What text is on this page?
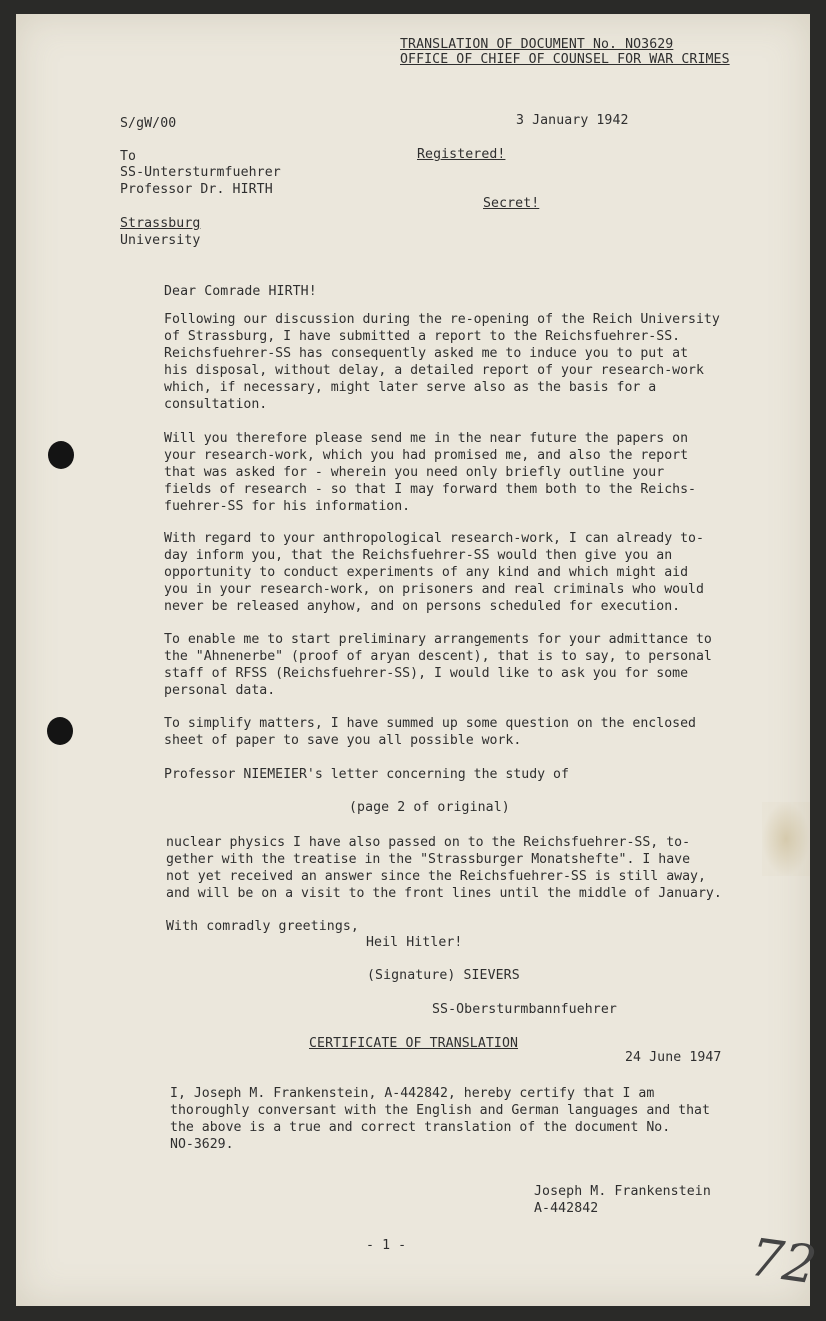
TRANSLATION OF DOCUMENT No. NO3629
OFFICE OF CHIEF OF COUNSEL FOR WAR CRIMES
S/gW/00	3 January 1942
To
SS-Untersturmfuehrer
Professor Dr. HIRTH
Strassburg
University
Registered!
Secret!
Dear Comrade HIRTH!
Following our discussion during the re-opening of the Reich University
of Strassburg, I have submitted a report to the Reichsfuehrer-SS.
Reichsfuehrer-SS has consequently asked me to induce you to put at
his disposal, without delay, a detailed report of your research-work
which, if necessary, might later serve also as the basis for a
consultation.
Will you therefore please send me in the near future the papers on
your research-work, which you had promised me, and also the report
that was asked for - wherein you need only briefly outline your
fields of research - so that I may forward them both to the Reichs-
fuehrer-SS for his information.
With regard to your anthropological research-work, I can already to-
day inform you, that the Reichsfuehrer-SS would then give you an
opportunity to conduct experiments of any kind and which might aid
you in your research-work, on prisoners and real criminals who would
never be released anyhow, and on persons scheduled for execution.
To enable me to start preliminary arrangements for your admittance to
the "Ahnenerbe" (proof of aryan descent), that is to say, to personal
staff of RFSS (Reichsfuehrer-SS), I would like to ask you for some
personal data.
To simplify matters, I have summed up some question on the enclosed
sheet of paper to save you all possible work.
Professor NIEMEIER's letter concerning the study of
(page 2 of original)
nuclear physics I have also passed on to the Reichsfuehrer-SS, to-
gether with the treatise in the "Strassburger Monatshefte". I have
not yet received an answer since the Reichsfuehrer-SS is still away,
and will be on a visit to the front lines until the middle of January.
With comradly greetings,
Heil Hitler!
(Signature) SIEVERS
SS-Obersturmbannfuehrer
CERTIFICATE OF TRANSLATION
24 June 1947
I, Joseph M. Frankenstein, A-442842, hereby certify that I am
thoroughly conversant with the English and German languages and that
the above is a true and correct translation of the document No.
NO-3629.
Joseph M. Frankenstein
A-442842
- 1 -	72
